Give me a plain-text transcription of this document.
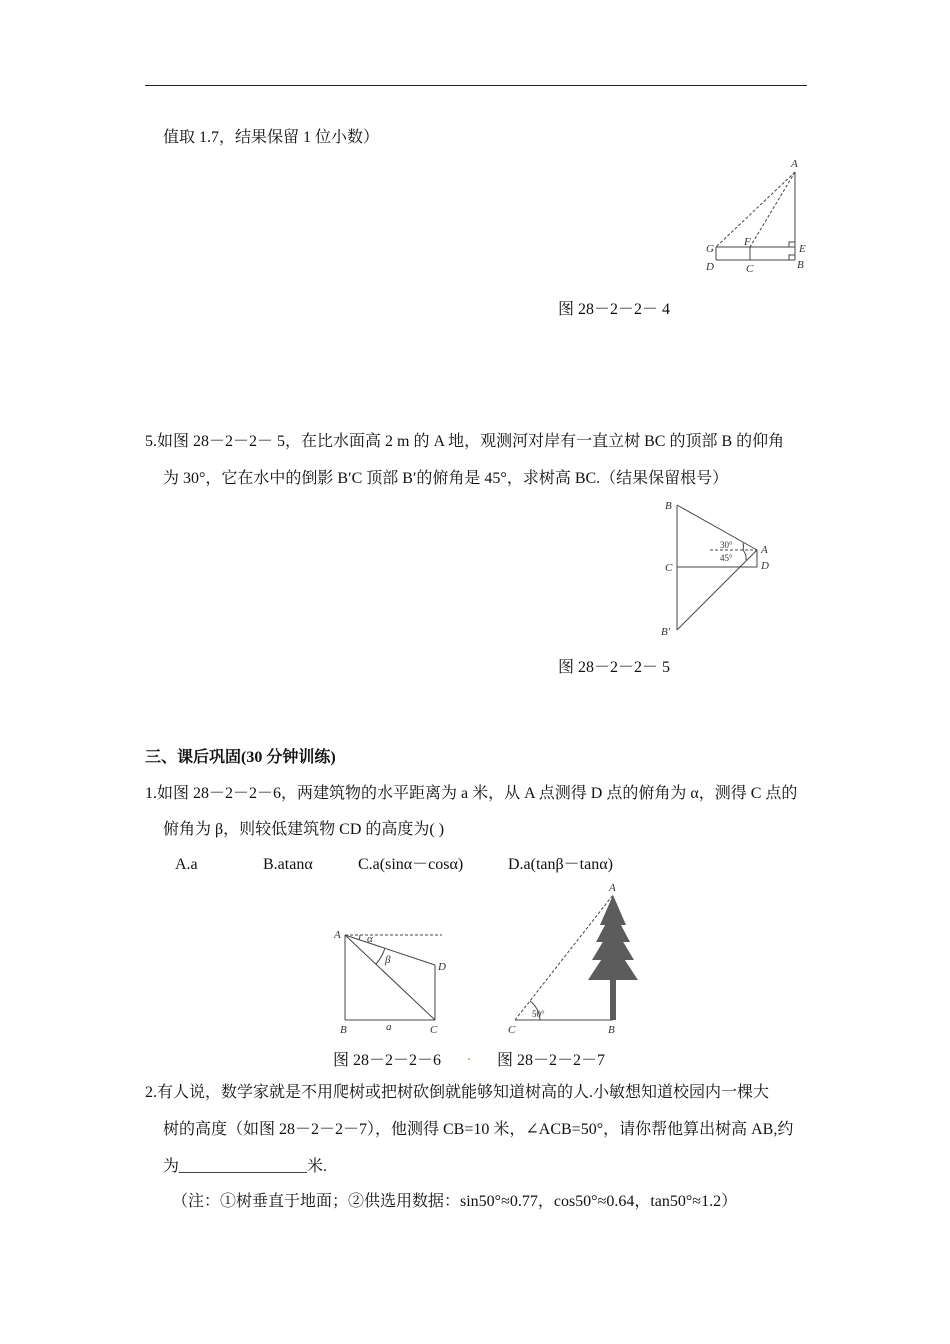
值取 1.7，结果保留 1 位小数）
A
G
F
E
D	C	B
图 28－2－2－ 4
5.如图 28－2－2－ 5，在比水面高 2 m 的 A 地，观测河对岸有一直立树 BC 的顶部 B 的仰角
为 30°，它在水中的倒影 B′C 顶部 B′的俯角是 45°，求树高 BC.（结果保留根号）
B
A
C	D
B′
30°
45°
图 28－2－2－ 5
三、课后巩固(30 分钟训练)
1.如图 28－2－2－6，两建筑物的水平距离为 a 米，从 A 点测得 D 点的俯角为 α，测得 C 点的
俯角为 β，则较低建筑物 CD 的高度为( )
A.a	B.atanα	C.a(sinα－cosα)	D.a(tanβ－tanα)
A
B	C
D
α
β
a
A
C	B
50°
图 28－2－2－6 . 图 28－2－2－7
2.有人说，数学家就是不用爬树或把树砍倒就能够知道树高的人.小敏想知道校园内一棵大
树的高度（如图 28－2－2－7），他测得 CB=10 米，∠ACB=50°，请你帮他算出树高 AB,约
为________________米.
（注：①树垂直于地面；②供选用数据：sin50°≈0.77，cos50°≈0.64，tan50°≈1.2）
